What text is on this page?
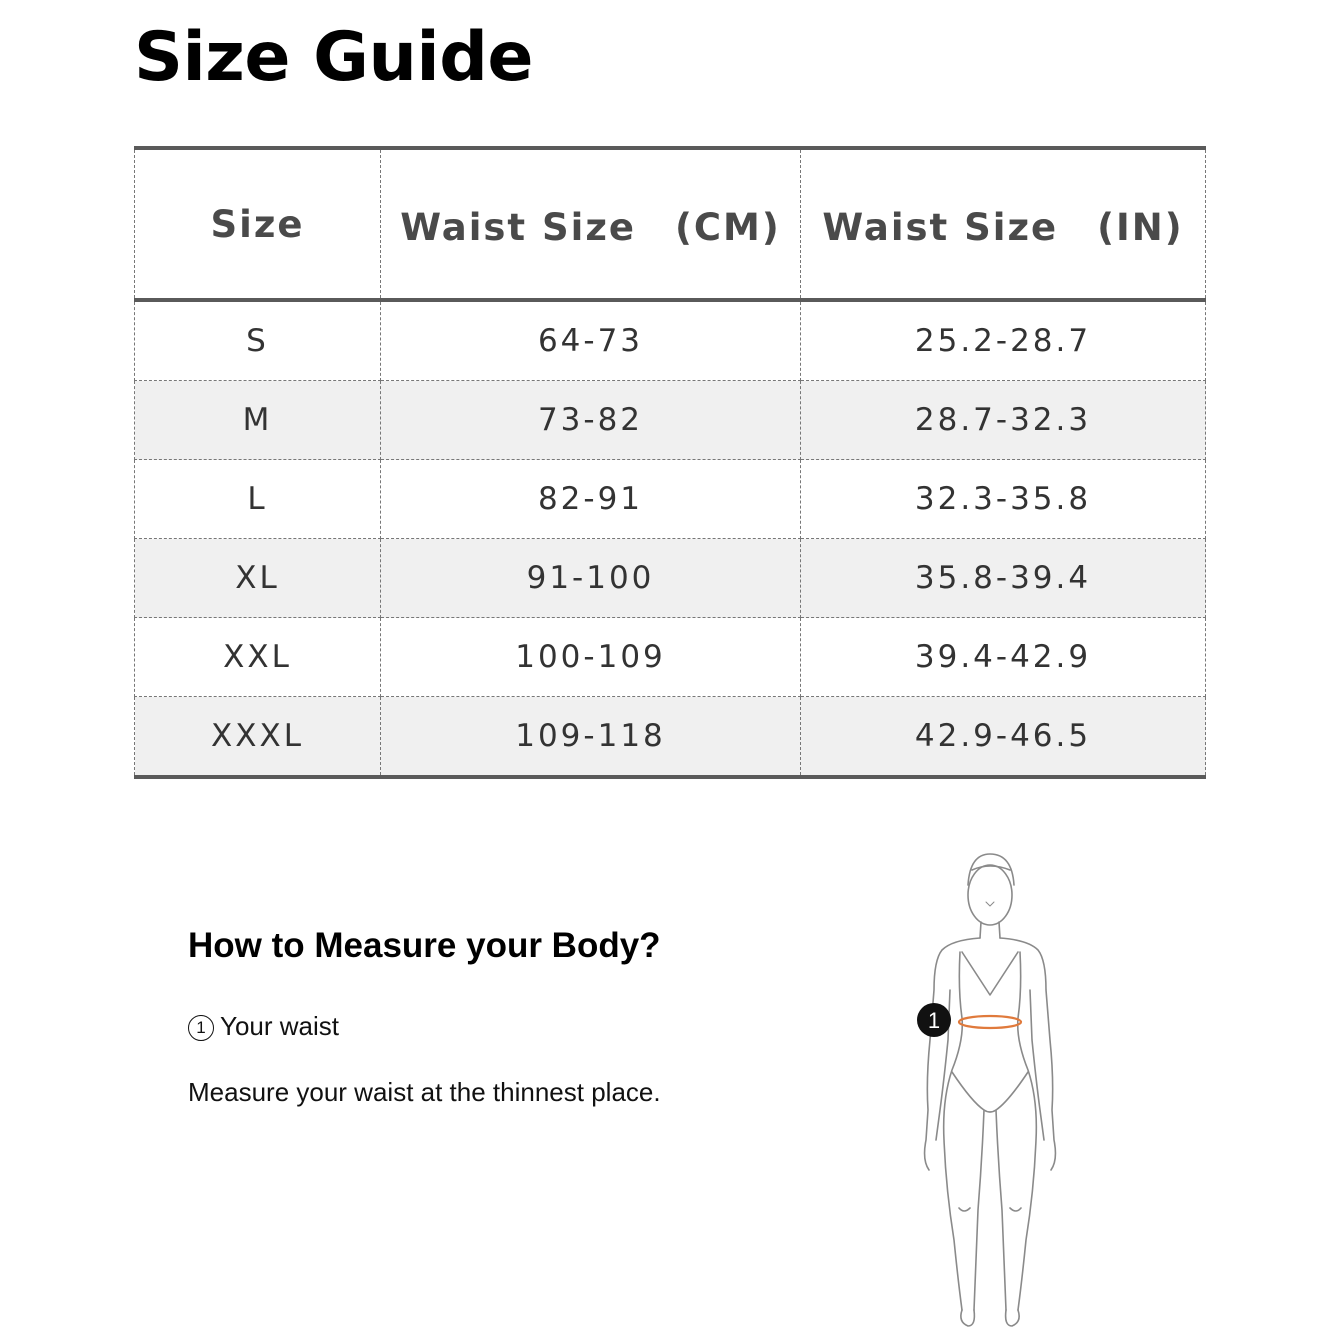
Size Guide
Size	Waist Size　(CM)	Waist Size　(IN)
S	64-73	25.2-28.7
M	73-82	28.7-32.3
L	82-91	32.3-35.8
XL	91-100	35.8-39.4
XXL	100-109	39.4-42.9
XXXL	109-118	42.9-46.5
How to Measure your Body?
1 Your waist
Measure your waist at the thinnest place.
1
